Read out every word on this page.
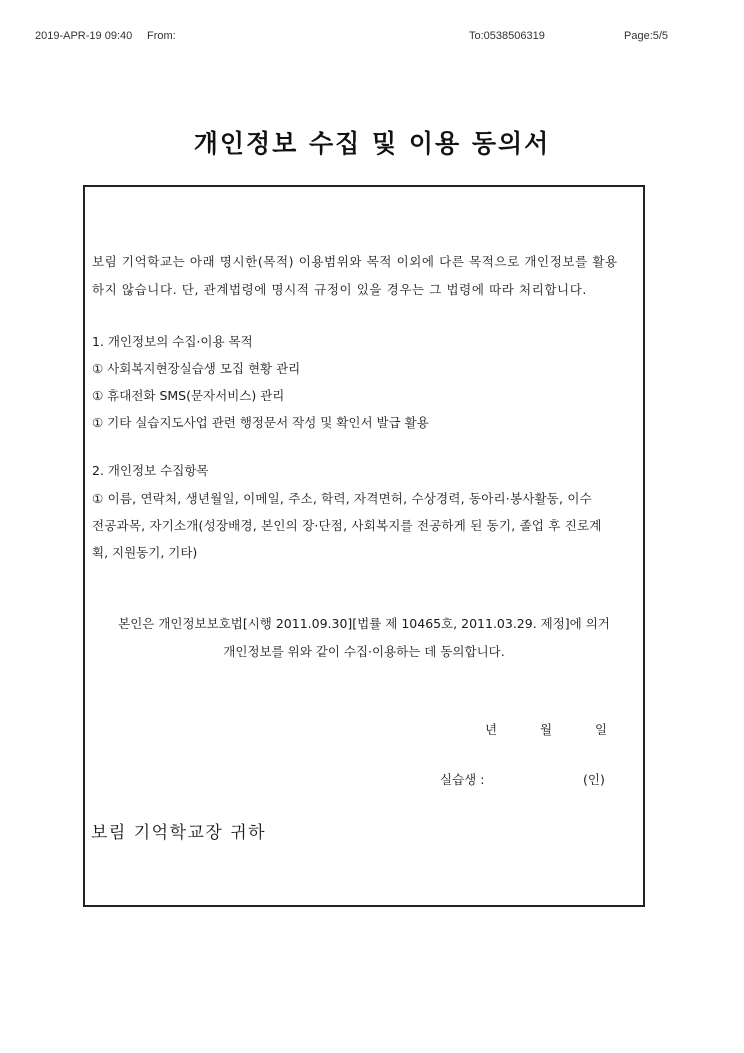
2019-APR-19 09:40 From:	To:0538506319	Page:5/5
개인정보 수집 및 이용 동의서
보림 기억학교는 아래 명시한(목적) 이용범위와 목적 이외에 다른 목적으로 개인정보를 활용
하지 않습니다. 단, 관계법령에 명시적 규정이 있을 경우는 그 법령에 따라 처리합니다.
1. 개인정보의 수집·이용 목적
① 사회복지현장실습생 모집 현황 관리
① 휴대전화 SMS(문자서비스) 관리
① 기타 실습지도사업 관련 행정문서 작성 및 확인서 발급 활용
2. 개인정보 수집항목
① 이름, 연락처, 생년월일, 이메일, 주소, 학력, 자격면허, 수상경력, 동아리·봉사활동, 이수
전공과목, 자기소개(성장배경, 본인의 장·단점, 사회복지를 전공하게 된 동기, 졸업 후 진로계
획, 지원동기, 기타)
본인은 개인정보보호법[시행 2011.09.30][법률 제 10465호, 2011.03.29. 제정]에 의거
개인정보를 위와 같이 수집·이용하는 데 동의합니다.
년	월	일
실습생 :	(인)
보림 기억학교장 귀하
